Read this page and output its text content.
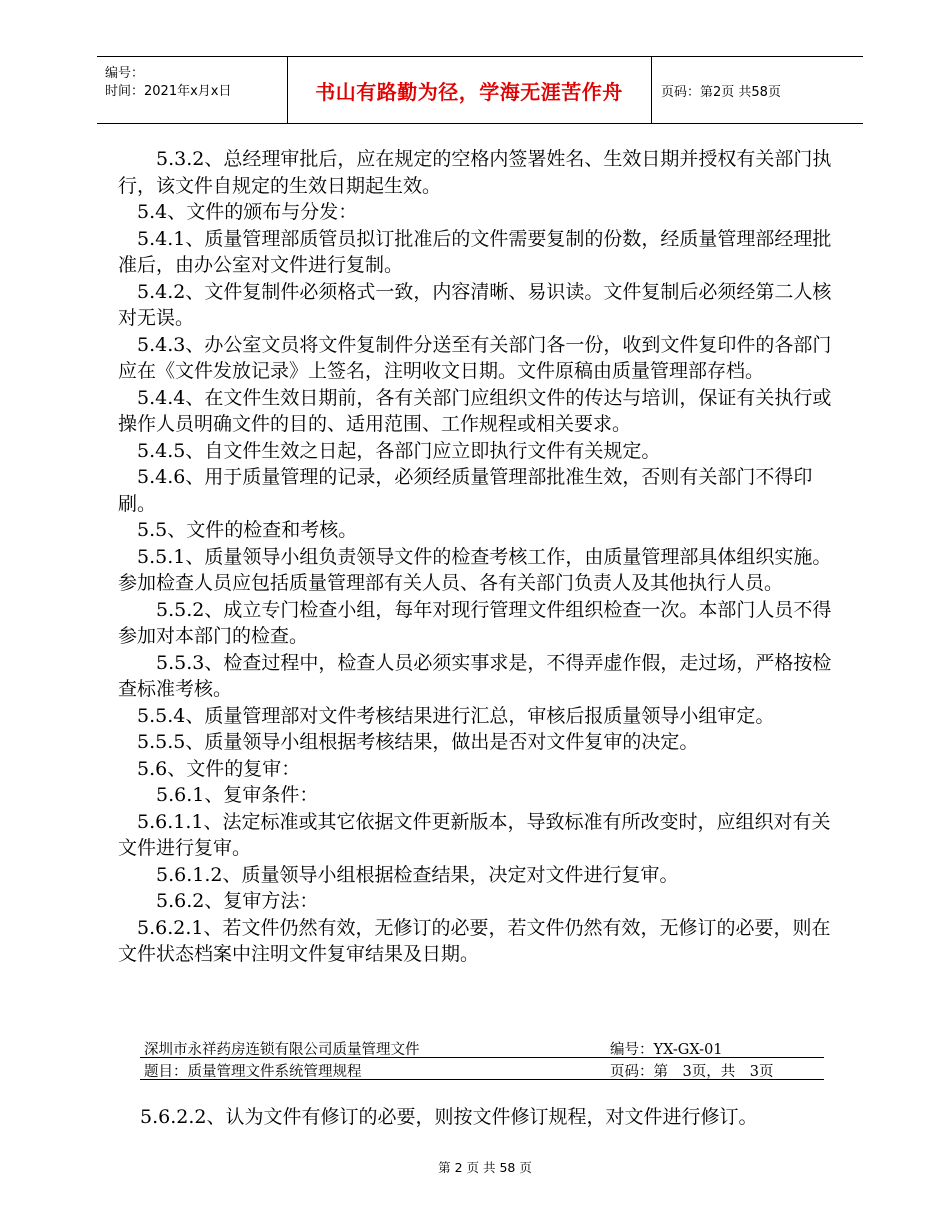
编号：
时间：2021年x月x日	书山有路勤为径，学海无涯苦作舟	页码：第2页 共58页

　　5.3.2、总经理审批后，应在规定的空格内签署姓名、生效日期并授权有关部门执行，该文件自规定的生效日期起生效。

　5.4、文件的颁布与分发：

　5.4.1、质量管理部质管员拟订批准后的文件需要复制的份数，经质量管理部经理批准后，由办公室对文件进行复制。

　5.4.2、文件复制件必须格式一致，内容清晰、易识读。文件复制后必须经第二人核对无误。

　5.4.3、办公室文员将文件复制件分送至有关部门各一份，收到文件复印件的各部门应在《文件发放记录》上签名，注明收文日期。文件原稿由质量管理部存档。

　5.4.4、在文件生效日期前，各有关部门应组织文件的传达与培训，保证有关执行或操作人员明确文件的目的、适用范围、工作规程或相关要求。

　5.4.5、自文件生效之日起，各部门应立即执行文件有关规定。

　5.4.6、用于质量管理的记录，必须经质量管理部批准生效，否则有关部门不得印刷。

　5.5、文件的检查和考核。

　5.5.1、质量领导小组负责领导文件的检查考核工作，由质量管理部具体组织实施。参加检查人员应包括质量管理部有关人员、各有关部门负责人及其他执行人员。

　　5.5.2、成立专门检查小组，每年对现行管理文件组织检查一次。本部门人员不得参加对本部门的检查。

　　5.5.3、检查过程中，检查人员必须实事求是，不得弄虚作假，走过场，严格按检查标准考核。

　5.5.4、质量管理部对文件考核结果进行汇总，审核后报质量领导小组审定。

　5.5.5、质量领导小组根据考核结果，做出是否对文件复审的决定。

　5.6、文件的复审：

　　5.6.1、复审条件：

　5.6.1.1、法定标准或其它依据文件更新版本，导致标准有所改变时，应组织对有关文件进行复审。

　　5.6.1.2、质量领导小组根据检查结果，决定对文件进行复审。

　　5.6.2、复审方法：

　5.6.2.1、若文件仍然有效，无修订的必要，若文件仍然有效，无修订的必要，则在文件状态档案中注明文件复审结果及日期。

深圳市永祥药房连锁有限公司质量管理文件	编号：YX-GX-01
题目：质量管理文件系统管理规程	页码：第　3页，共　3页
5.6.2.2、认为文件有修订的必要，则按文件修订规程，对文件进行修订。
第 2 页 共 58 页
